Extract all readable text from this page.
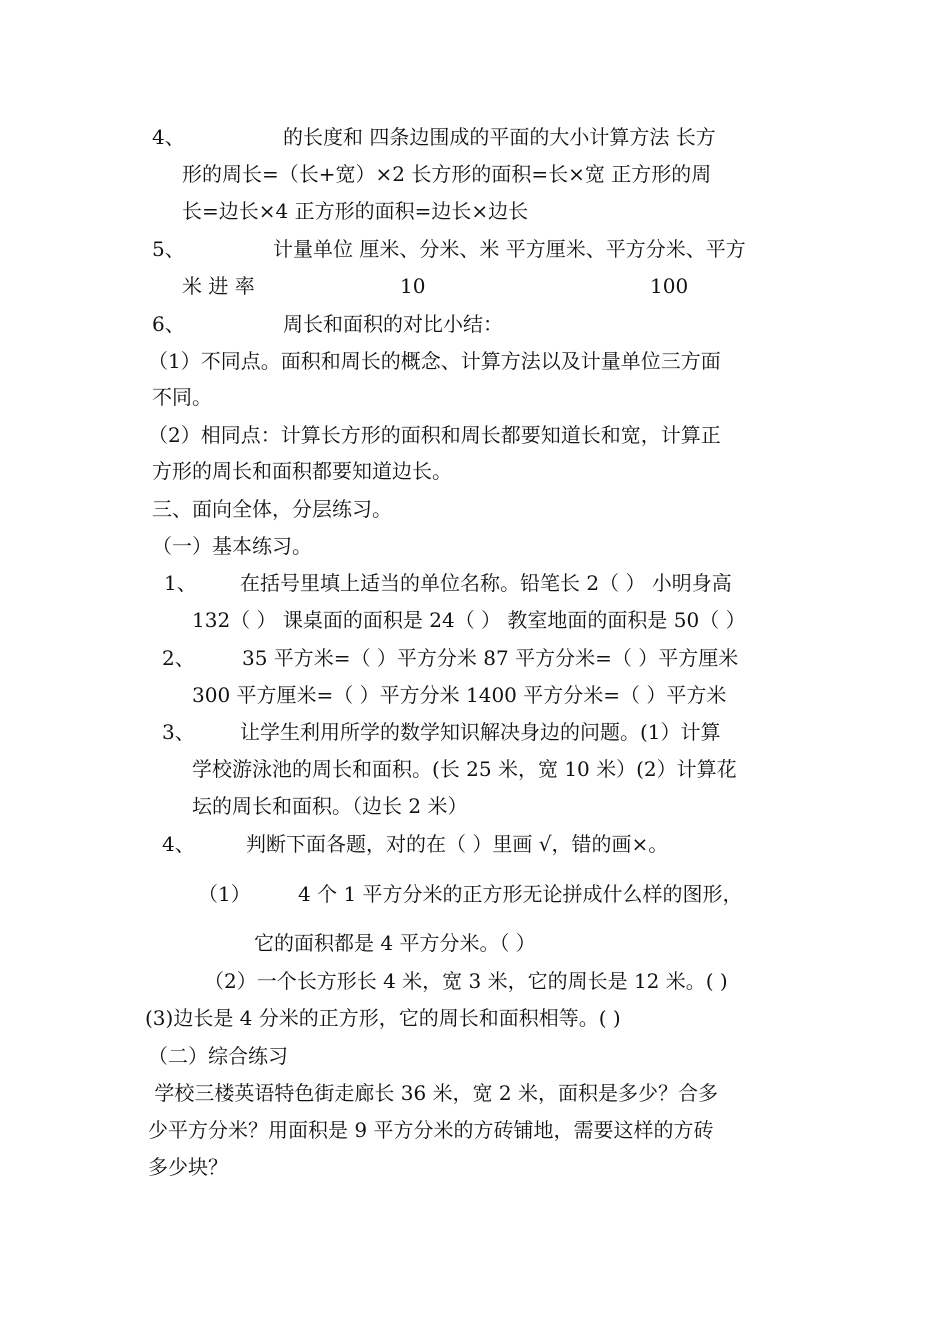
4、	的长度和 四条边围成的平面的大小计算方法 长方
形的周长=（长+宽）×2 长方形的面积=长×宽 正方形的周
长=边长×4 正方形的面积=边长×边长
5、	计量单位 厘米、分米、米 平方厘米、平方分米、平方
米 进 率	10	100
6、	周长和面积的对比小结：
（1）不同点。面积和周长的概念、计算方法以及计量单位三方面
不同。
（2）相同点：计算长方形的面积和周长都要知道长和宽，计算正
方形的周长和面积都要知道边长。
三、面向全体，分层练习。
（一）基本练习。
1、 在括号里填上适当的单位名称。铅笔长 2（ ） 小明身高
132（ ） 课桌面的面积是 24（ ） 教室地面的面积是 50（ ）
2、 35 平方米=（ ）平方分米 87 平方分米=（ ）平方厘米
300 平方厘米=（ ）平方分米 1400 平方分米=（ ）平方米
3、 让学生利用所学的数学知识解决身边的问题。(1）计算
学校游泳池的周长和面积。(长 25 米，宽 10 米）(2）计算花
坛的周长和面积。（边长 2 米）
4、	判断下面各题，对的在（ ）里画 √，错的画×。
（1） 4 个 1 平方分米的正方形无论拼成什么样的图形，
它的面积都是 4 平方分米。（ ）
（2）一个长方形长 4 米，宽 3 米，它的周长是 12 米。( )
(3)边长是 4 分米的正方形，它的周长和面积相等。( )
（二）综合练习
学校三楼英语特色街走廊长 36 米，宽 2 米，面积是多少？合多
少平方分米？用面积是 9 平方分米的方砖铺地，需要这样的方砖
多少块？
